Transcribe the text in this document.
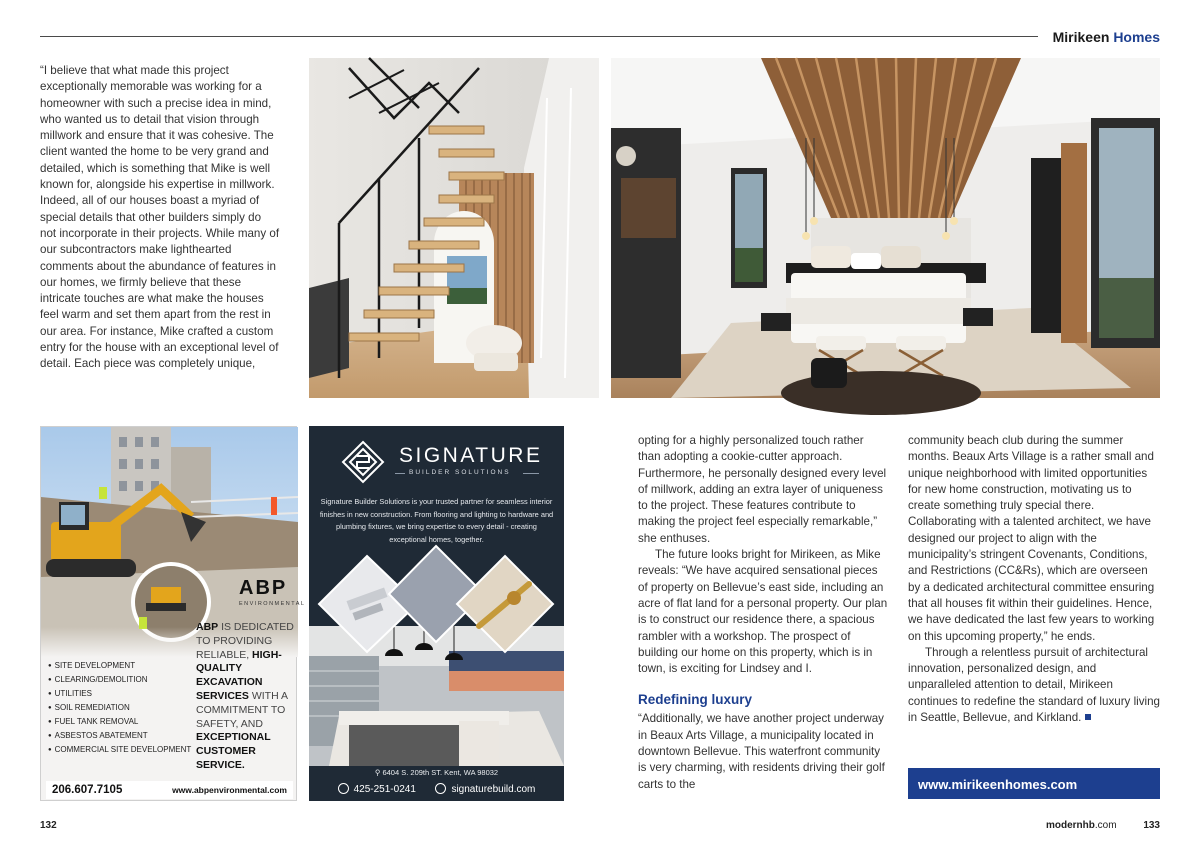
Mirikeen Homes

“I believe that what made this project exceptionally memorable was working for a homeowner with such a precise idea in mind, who wanted us to detail that vision through millwork and ensure that it was cohesive. The client wanted the home to be very grand and detailed, which is something that Mike is well known for, alongside his expertise in millwork. Indeed, all of our houses boast a myriad of special details that other builders simply do not incorporate in their projects. While many of our subcontractors make lighthearted comments about the abundance of features in our homes, we firmly believe that these intricate touches are what make the houses feel warm and set them apart from the rest in our area. For instance, Mike crafted a custom entry for the house with an exceptional level of detail. Each piece was completely unique,

ABP
ENVIRONMENTAL
● SITE DEVELOPMENT
● CLEARING/DEMOLITION
● UTILITIES
● SOIL REMEDIATION
● FUEL TANK REMOVAL
● ASBESTOS ABATEMENT
● COMMERCIAL SITE DEVELOPMENT
ABP IS DEDICATED TO PROVIDING RELIABLE, HIGH-QUALITY EXCAVATION SERVICES WITH A COMMITMENT TO SAFETY, AND EXCEPTIONAL CUSTOMER SERVICE.
206.607.7105	www.abpenvironmental.com
SIGNATURE
BUILDER SOLUTIONS
Signature Builder Solutions is your trusted partner for seamless interior finishes in new construction. From flooring and lighting to hardware and plumbing fixtures, we bring expertise to every detail - creating exceptional homes, together.
⚲ 6404 S. 209th ST. Kent, WA 98032
425-251-0241	signaturebuild.com

opting for a highly personalized touch rather than adopting a cookie-cutter approach. Furthermore, he personally designed every level of millwork, adding an extra layer of uniqueness to the project. These features contribute to making the project feel especially remarkable,” she enthuses.

The future looks bright for Mirikeen, as Mike reveals: “We have acquired sensational pieces of property on Bellevue’s east side, including an acre of flat land for a personal property. Our plan is to construct our residence there, a spacious rambler with a workshop. The prospect of building our home on this property, which is in town, is exciting for Lindsey and I.

Redefining luxury

“Additionally, we have another project underway in Beaux Arts Village, a municipality located in downtown Bellevue. This waterfront community is very charming, with residents driving their golf carts to the

community beach club during the summer months. Beaux Arts Village is a rather small and unique neighborhood with limited opportunities for new home construction, motivating us to create something truly special there. Collaborating with a talented architect, we have designed our project to align with the municipality’s stringent Covenants, Conditions, and Restrictions (CC&Rs), which are overseen by a dedicated architectural committee ensuring that all houses fit within their guidelines. Hence, we have dedicated the last few years to working on this upcoming property,” he ends.

Through a relentless pursuit of architectural innovation, personalized design, and unparalleled attention to detail, Mirikeen continues to redefine the standard of luxury living in Seattle, Bellevue, and Kirkland.

www.mirikeenhomes.com
132	modernhb.com	133
